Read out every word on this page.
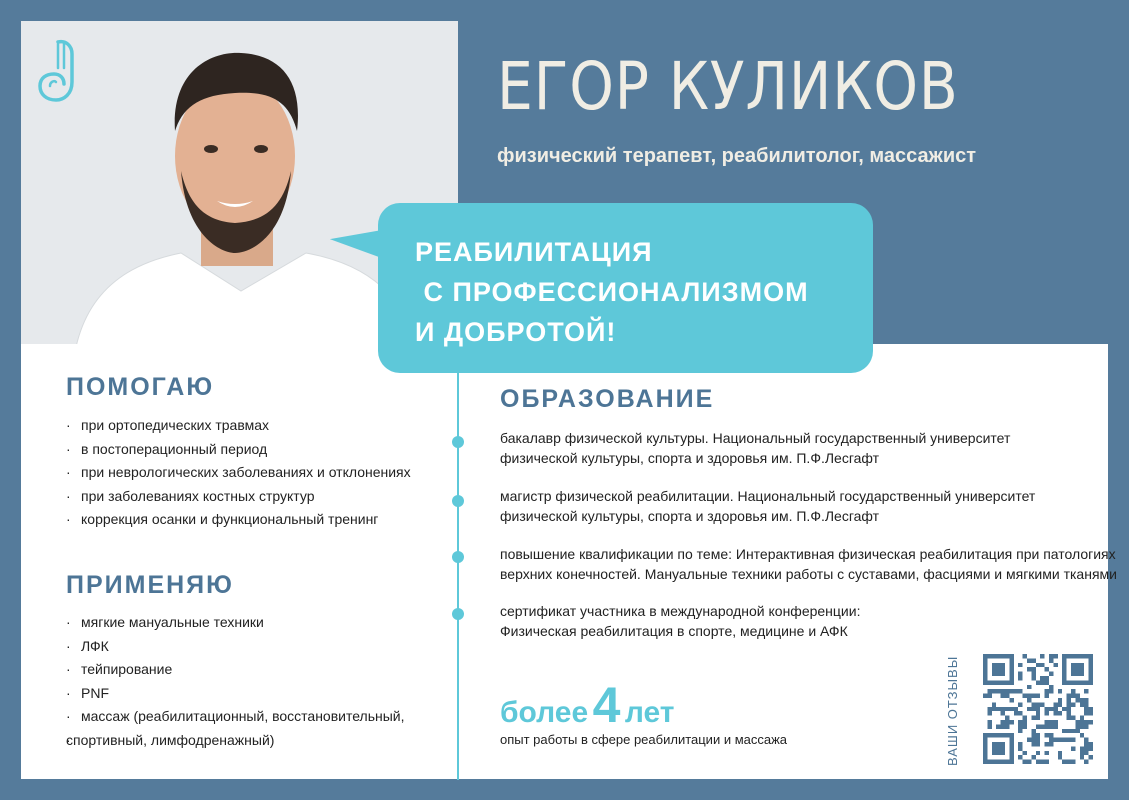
ЕГОР КУЛИКОВ
физический терапевт, реабилитолог, массажист
РЕАБИЛИТАЦИЯ
С ПРОФЕССИОНАЛИЗМОМ
И ДОБРОТОЙ!
ПОМОГАЮ
· при ортопедических травмах
· в постоперационный период
· при неврологических заболеваниях и отклонениях
· при заболеваниях костных структур
· коррекция осанки и функциональный тренинг
ПРИМЕНЯЮ
· мягкие мануальные техники
· ЛФК
· тейпирование
· PNF
· массаж (реабилитационный, восстановительный,
· спортивный, лимфодренажный)
ОБРАЗОВАНИЕ
бакалавр физической культуры. Национальный государственный университет
физической культуры, спорта и здоровья им. П.Ф.Лесгафт
магистр физической реабилитации. Национальный государственный университет
физической культуры, спорта и здоровья им. П.Ф.Лесгафт
повышение квалификации по теме: Интерактивная физическая реабилитация при патологиях
верхних конечностей. Мануальные техники работы с суставами, фасциями и мягкими тканями
сертификат участника в международной конференции:
Физическая реабилитация в спорте, медицине и АФК
более 4 лет
опыт работы в сфере реабилитации и массажа	ВАШИ ОТЗЫВЫ
